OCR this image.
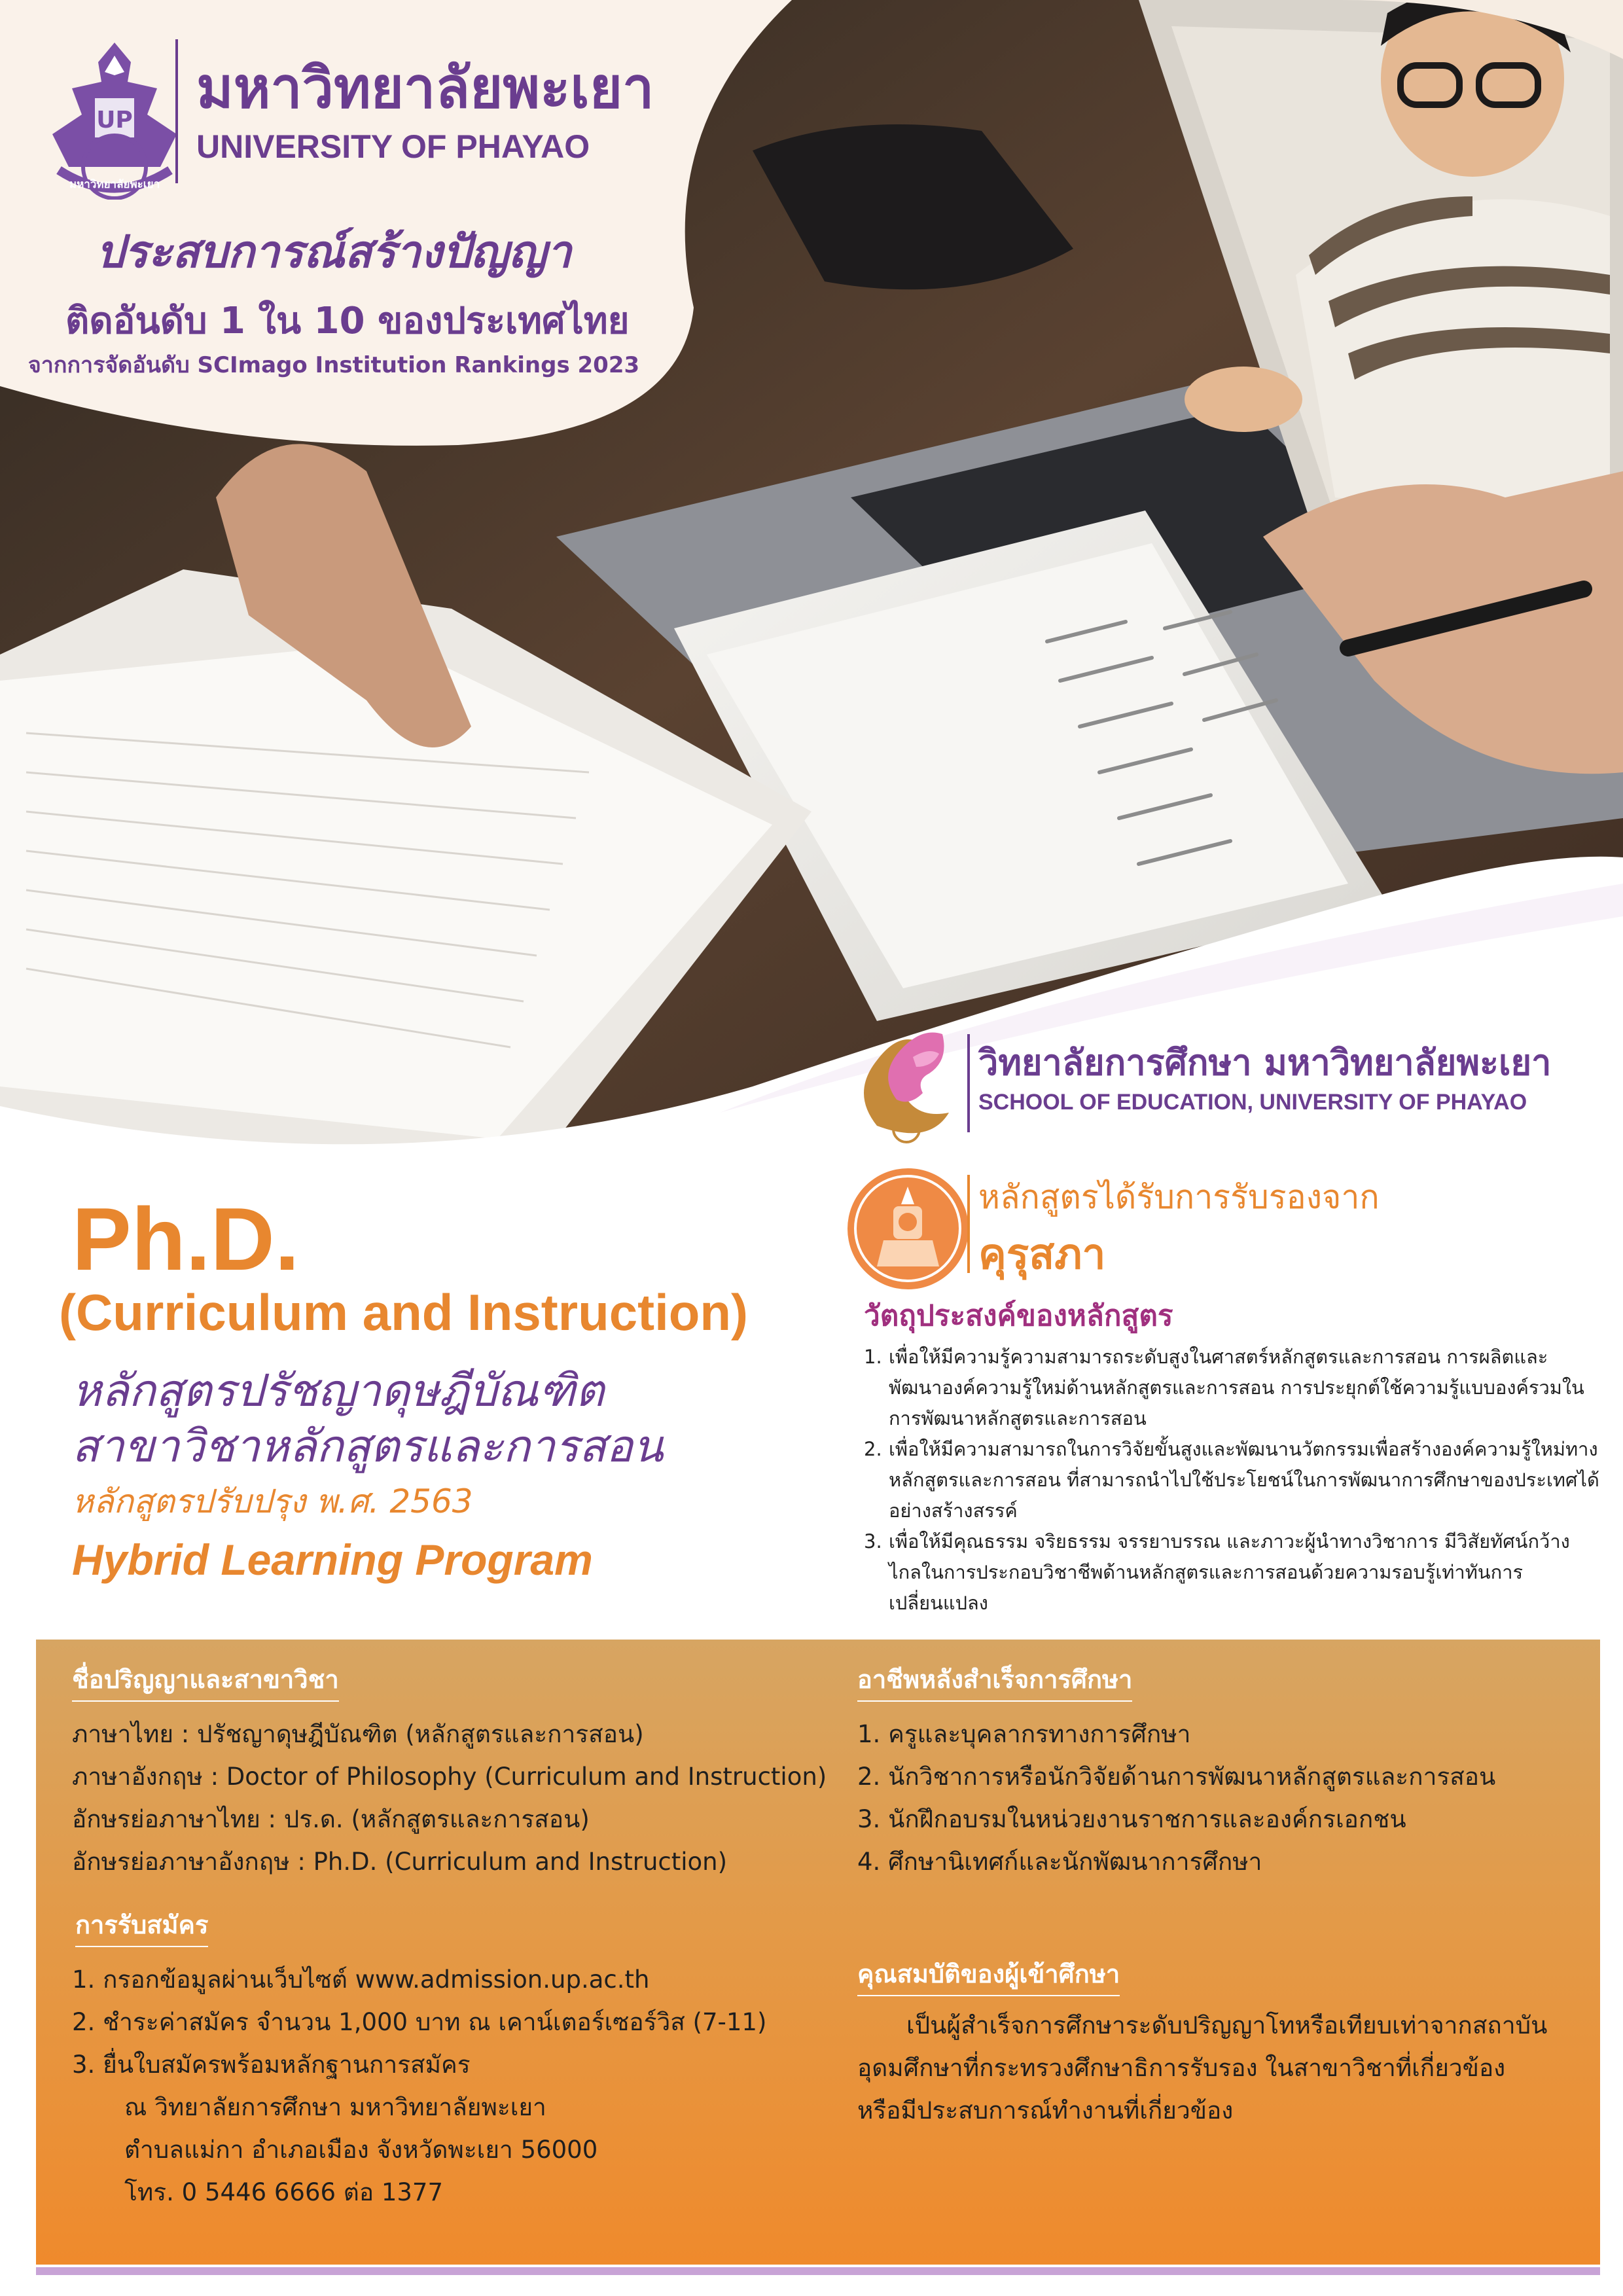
UP
มหาวิทยาลัยพะเยา
มหาวิทยาลัยพะเยา
UNIVERSITY OF PHAYAO
ประสบการณ์สร้างปัญญา
ติดอันดับ 1 ใน 10 ของประเทศไทย
จากการจัดอันดับ SCImago Institution Rankings 2023
วิทยาลัยการศึกษา มหาวิทยาลัยพะเยา
SCHOOL OF EDUCATION, UNIVERSITY OF PHAYAO
หลักสูตรได้รับการรับรองจาก
คุรุสภา
Ph.D.
(Curriculum and Instruction)
หลักสูตรปรัชญาดุษฎีบัณฑิต
สาขาวิชาหลักสูตรและการสอน
หลักสูตรปรับปรุง พ.ศ. 2563
Hybrid Learning Program
วัตถุประสงค์ของหลักสูตร
1. เพื่อให้มีความรู้ความสามารถระดับสูงในศาสตร์หลักสูตรและการสอน การผลิตและพัฒนาองค์ความรู้ใหม่ด้านหลักสูตรและการสอน การประยุกต์ใช้ความรู้แบบองค์รวมในการพัฒนาหลักสูตรและการสอน
2. เพื่อให้มีความสามารถในการวิจัยขั้นสูงและพัฒนานวัตกรรมเพื่อสร้างองค์ความรู้ใหม่ทางหลักสูตรและการสอน ที่สามารถนำไปใช้ประโยชน์ในการพัฒนาการศึกษาของประเทศได้อย่างสร้างสรรค์
3. เพื่อให้มีคุณธรรม จริยธรรม จรรยาบรรณ และภาวะผู้นำทางวิชาการ มีวิสัยทัศน์กว้างไกลในการประกอบวิชาชีพด้านหลักสูตรและการสอนด้วยความรอบรู้เท่าทันการเปลี่ยนแปลง
ชื่อปริญญาและสาขาวิชา
ภาษาไทย : ปรัชญาดุษฎีบัณฑิต (หลักสูตรและการสอน)
ภาษาอังกฤษ : Doctor of Philosophy (Curriculum and Instruction)
อักษรย่อภาษาไทย : ปร.ด. (หลักสูตรและการสอน)
อักษรย่อภาษาอังกฤษ : Ph.D. (Curriculum and Instruction)
การรับสมัคร
1. กรอกข้อมูลผ่านเว็บไซต์ www.admission.up.ac.th
2. ชำระค่าสมัคร จำนวน 1,000 บาท ณ เคาน์เตอร์เซอร์วิส (7-11)
3. ยื่นใบสมัครพร้อมหลักฐานการสมัคร
ณ วิทยาลัยการศึกษา มหาวิทยาลัยพะเยา
ตำบลแม่กา อำเภอเมือง จังหวัดพะเยา 56000
โทร. 0 5446 6666 ต่อ 1377
อาชีพหลังสำเร็จการศึกษา
1. ครูและบุคลากรทางการศึกษา
2. นักวิชาการหรือนักวิจัยด้านการพัฒนาหลักสูตรและการสอน
3. นักฝึกอบรมในหน่วยงานราชการและองค์กรเอกชน
4. ศึกษานิเทศก์และนักพัฒนาการศึกษา
คุณสมบัติของผู้เข้าศึกษา
เป็นผู้สำเร็จการศึกษาระดับปริญญาโทหรือเทียบเท่าจากสถาบัน
อุดมศึกษาที่กระทรวงศึกษาธิการรับรอง ในสาขาวิชาที่เกี่ยวข้อง
หรือมีประสบการณ์ทำงานที่เกี่ยวข้อง
